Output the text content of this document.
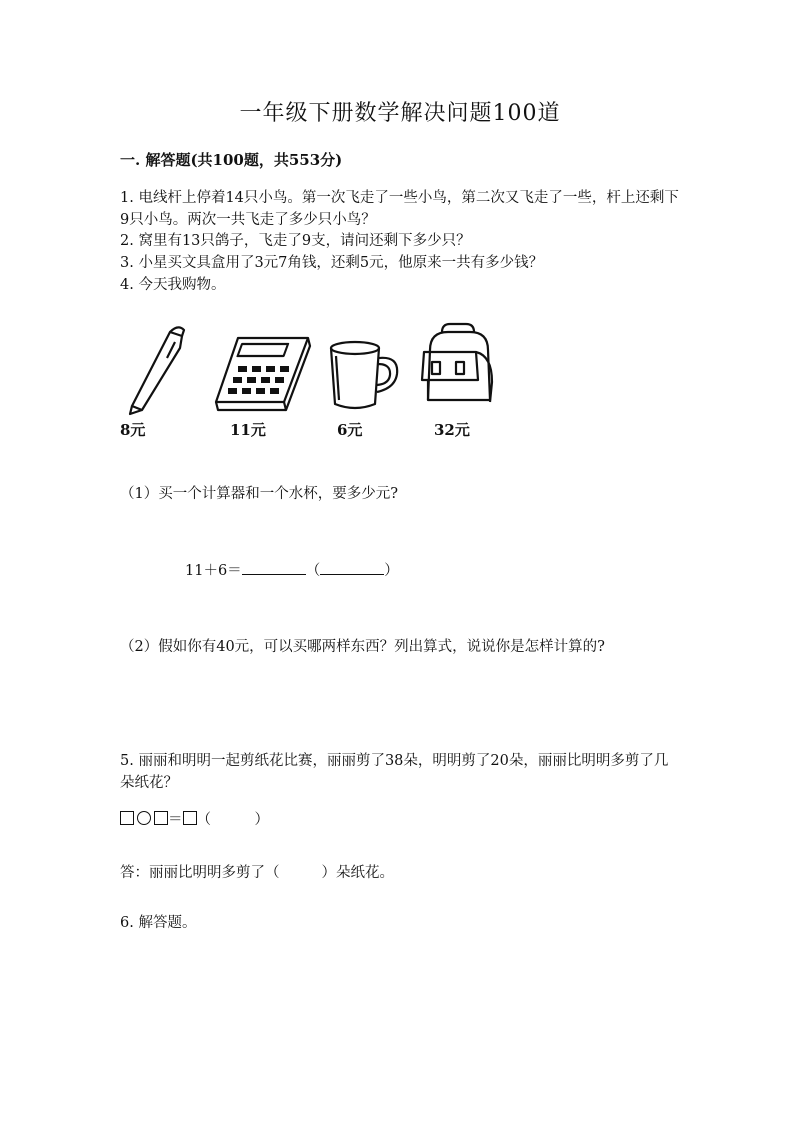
一年级下册数学解决问题100道
一. 解答题(共100题，共553分)
1. 电线杆上停着14只小鸟。第一次飞走了一些小鸟，第二次又飞走了一些，杆上还剩下9只小鸟。两次一共飞走了多少只小鸟？
2. 窝里有13只鸽子，飞走了9支，请问还剩下多少只？
3. 小星买文具盒用了3元7角钱，还剩5元，他原来一共有多少钱？
4. 今天我购物。
8元	11元	6元	32元
（1）买一个计算器和一个水杯，要多少元?
11＋6＝	（	）
（2）假如你有40元，可以买哪两样东西？列出算式，说说你是怎样计算的?
5. 丽丽和明明一起剪纸花比赛，丽丽剪了38朵，明明剪了20朵，丽丽比明明多剪了几朵纸花？
＝ （　　　）
答：丽丽比明明多剪了（	）朵纸花。
6. 解答题。
